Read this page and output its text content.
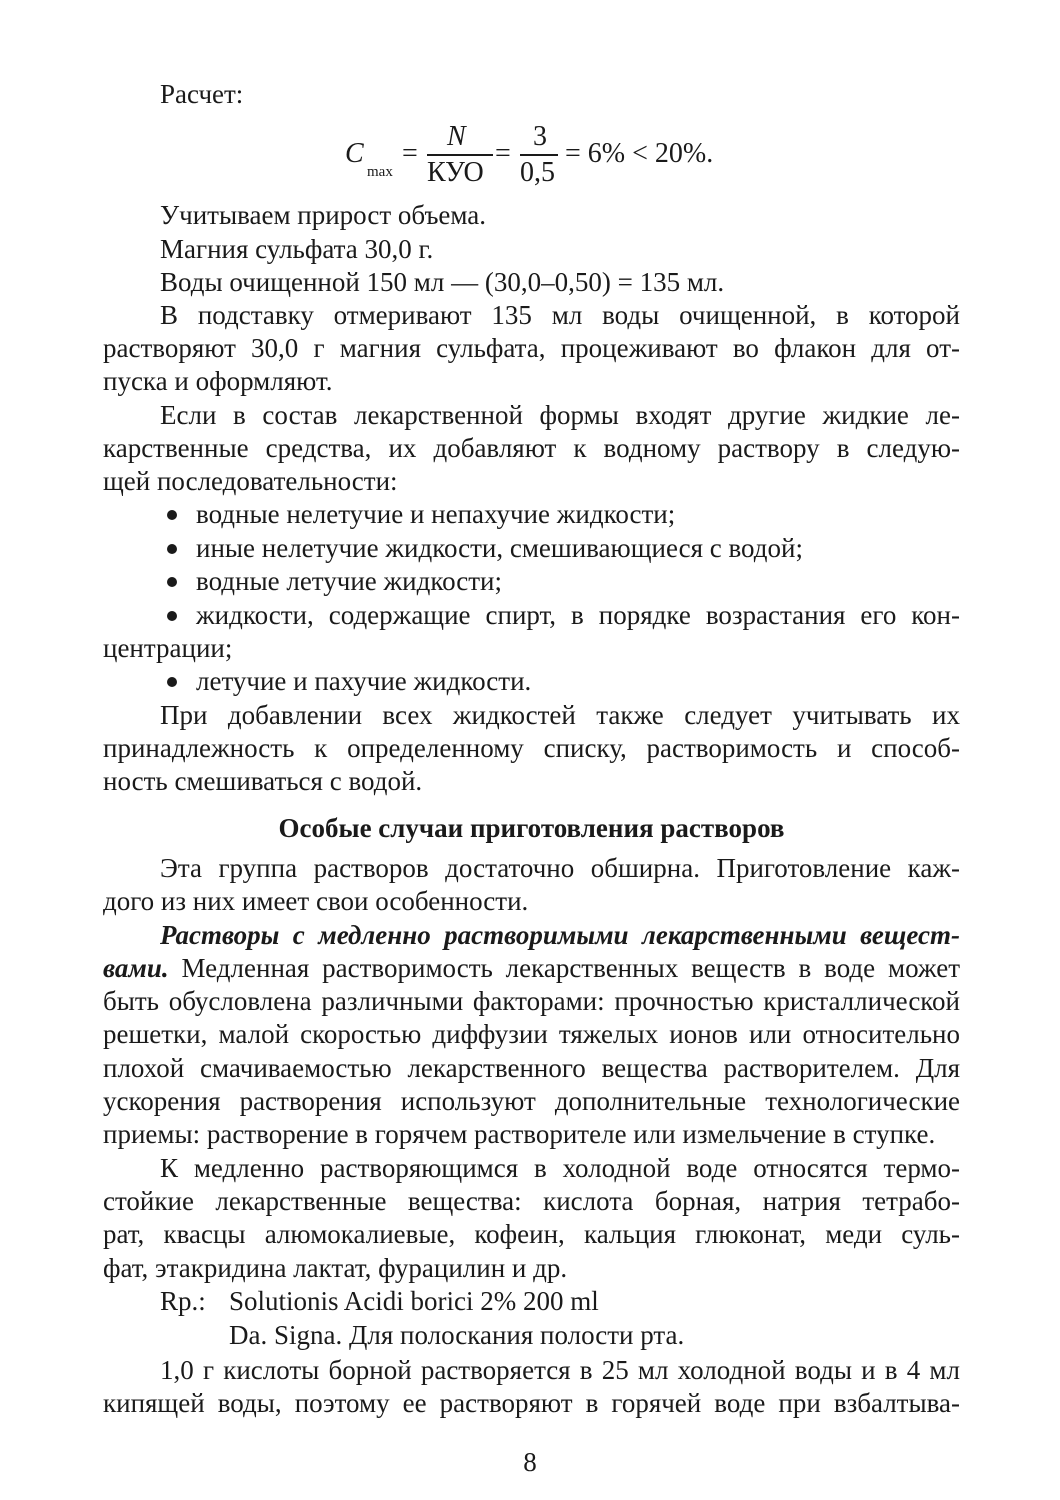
Расчет:
C
max
=
N
КУО
=
3
0,5
= 6% < 20%.
Учитываем прирост объема.
Магния сульфата 30,0 г.
Воды очищенной 150 мл — (30,0–0,50) = 135 мл.
В подставку отмеривают 135 мл воды очищенной, в которой
растворяют 30,0 г магния сульфата, процеживают во флакон для от-
пуска и оформляют.
Если в состав лекарственной формы входят другие жидкие ле-
карственные средства, их добавляют к водному раствору в следую-
щей последовательности:
водные нелетучие и непахучие жидкости;
иные нелетучие жидкости, смешивающиеся с водой;
водные летучие жидкости;
жидкости, содержащие спирт, в порядке возрастания его кон-
центрации;
летучие и пахучие жидкости.
При добавлении всех жидкостей также следует учитывать их
принадлежность к определенному списку, растворимость и способ-
ность смешиваться с водой.
Особые случаи приготовления растворов
Эта группа растворов достаточно обширна. Приготовление каж-
дого из них имеет свои особенности.
Растворы с медленно растворимыми лекарственными вещест-
вами. Медленная растворимость лекарственных веществ в воде может
быть обусловлена различными факторами: прочностью кристаллической
решетки, малой скоростью диффузии тяжелых ионов или относительно
плохой смачиваемостью лекарственного вещества растворителем. Для
ускорения растворения используют дополнительные технологические
приемы: растворение в горячем растворителе или измельчение в ступке.
К медленно растворяющимся в холодной воде относятся термо-
стойкие лекарственные вещества: кислота борная, натрия тетрабо-
рат, квасцы алюмокалиевые, кофеин, кальция глюконат, меди суль-
фат, этакридина лактат, фурацилин и др.
Rp.: Solutionis Acidi borici 2% 200 ml
Da. Signa. Для полоскания полости рта.
1,0 г кислоты борной растворяется в 25 мл холодной воды и в 4 мл
кипящей воды, поэтому ее растворяют в горячей воде при взбалтыва-
8
